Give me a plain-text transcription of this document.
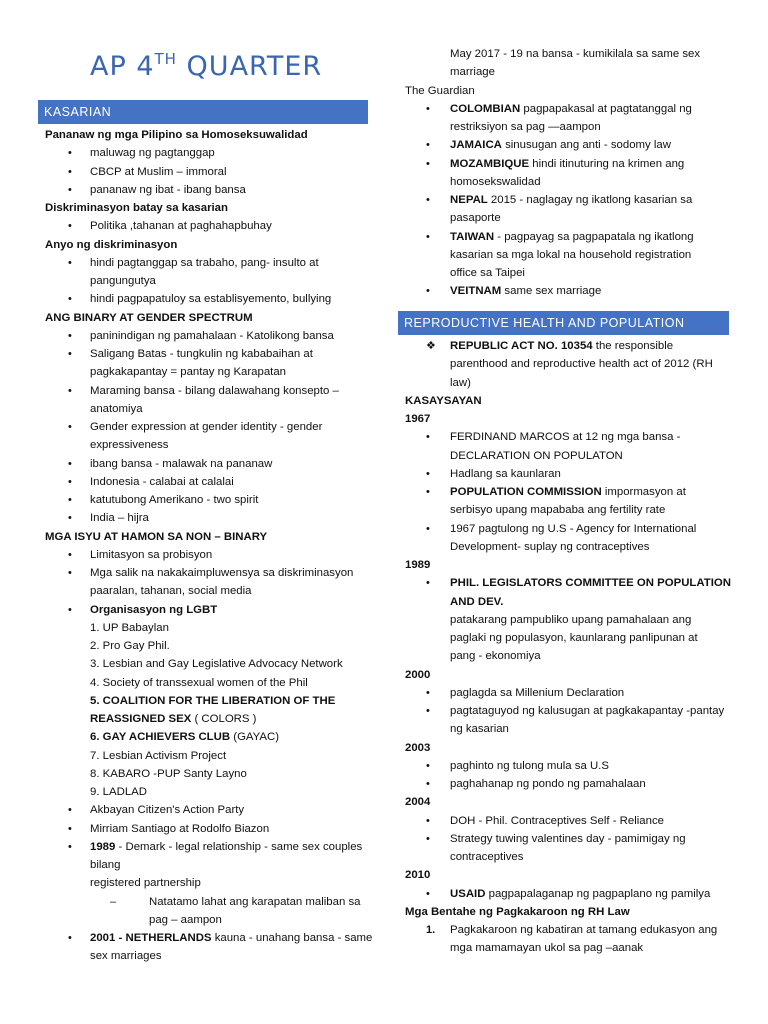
AP 4TH QUARTER
KASARIAN
REPRODUCTIVE HEALTH AND POPULATION
Pananaw ng mga Pilipino sa Homoseksuwalidad
• maluwag ng pagtanggap
• CBCP at Muslim – immoral
• pananaw ng ibat - ibang bansa
Diskriminasyon batay sa kasarian
• Politika ,tahanan at paghahapbuhay
Anyo ng diskriminasyon
• hindi pagtanggap sa trabaho, pang- insulto at
pangungutya
• hindi pagpapatuloy sa establisyemento, bullying
ANG BINARY AT GENDER SPECTRUM
• paninindigan ng pamahalaan - Katolikong bansa
• Saligang Batas - tungkulin ng kababaihan at
pagkakapantay = pantay ng Karapatan
• Maraming bansa - bilang dalawahang konsepto –
anatomiya
• Gender expression at gender identity - gender
expressiveness
• ibang bansa - malawak na pananaw
• Indonesia - calabai at calalai
• katutubong Amerikano - two spirit
• India – hijra
MGA ISYU AT HAMON SA NON – BINARY
• Limitasyon sa probisyon
• Mga salik na nakakaimpluwensya sa diskriminasyon
paaralan, tahanan, social media
• Organisasyon ng LGBT
1. UP Babaylan
2. Pro Gay Phil.
3. Lesbian and Gay Legislative Advocacy Network
4. Society of transsexual women of the Phil
5. COALITION FOR THE LIBERATION OF THE
REASSIGNED SEX ( COLORS )
6. GAY ACHIEVERS CLUB (GAYAC)
7. Lesbian Activism Project
8. KABARO -PUP Santy Layno
9. LADLAD
• Akbayan Citizen's Action Party
• Mirriam Santiago at Rodolfo Biazon
• 1989 - Demark - legal relationship - same sex couples
bilang
registered partnership
–	Natatamo lahat ang karapatan maliban sa
pag – aampon
• 2001 - NETHERLANDS kauna - unahang bansa - same
sex marriages
May 2017 - 19 na bansa - kumikilala sa same sex
marriage
The Guardian
• COLOMBIAN pagpapakasal at pagtatanggal ng
restriksiyon sa pag —aampon
• JAMAICA sinusugan ang anti - sodomy law
• MOZAMBIQUE hindi itinuturing na krimen ang
homosekswalidad
• NEPAL 2015 - naglagay ng ikatlong kasarian sa
pasaporte
• TAIWAN - pagpayag sa pagpapatala ng ikatlong
kasarian sa mga lokal na household registration
office sa Taipei
• VEITNAM same sex marriage
❖ REPUBLIC ACT NO. 10354 the responsible
parenthood and reproductive health act of 2012 (RH
law)
KASAYSAYAN
1967
• FERDINAND MARCOS at 12 ng mga bansa -
DECLARATION ON POPULATON
• Hadlang sa kaunlaran
• POPULATION COMMISSION impormasyon at
serbisyo upang mapababa ang fertility rate
• 1967 pagtulong ng U.S - Agency for International
Development- suplay ng contraceptives
1989
• PHIL. LEGISLATORS COMMITTEE ON POPULATION
AND DEV.
patakarang pampubliko upang pamahalaan ang
paglaki ng populasyon, kaunlarang panlipunan at
pang - ekonomiya
2000
• paglagda sa Millenium Declaration
• pagtataguyod ng kalusugan at pagkakapantay -pantay
ng kasarian
2003
• paghinto ng tulong mula sa U.S
• paghahanap ng pondo ng pamahalaan
2004
• DOH - Phil. Contraceptives Self - Reliance
• Strategy tuwing valentines day - pamimigay ng
contraceptives
2010
• USAID pagpapalaganap ng pagpaplano ng pamilya
Mga Bentahe ng Pagkakaroon ng RH Law
1. Pagkakaroon ng kabatiran at tamang edukasyon ang
mga mamamayan ukol sa pag –aanak
